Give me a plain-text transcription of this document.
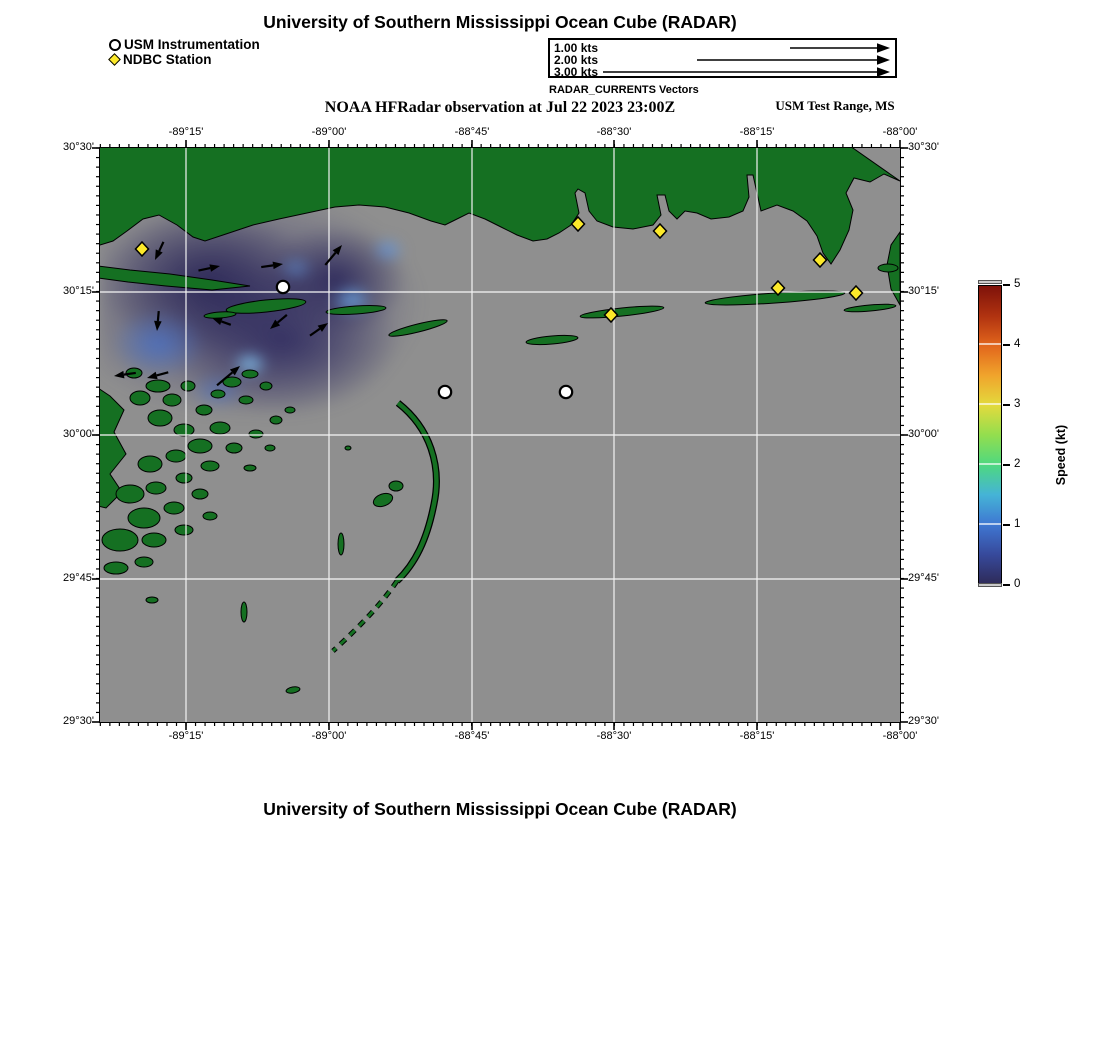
University of Southern Mississippi Ocean Cube (RADAR)
USM Instrumentation
NDBC Station
1.00 kts
2.00 kts
3.00 kts
RADAR_CURRENTS Vectors
NOAA HFRadar observation at Jul 22 2023 23:00Z	USM Test Range, MS
Speed (kt)
University of Southern Mississippi Ocean Cube (RADAR)
-89°15'
-89°15'
-89°00'
-89°00'
-88°45'
-88°45'
-88°30'
-88°30'
-88°15'
-88°15'
-88°00'
-88°00'
30°30'	30°30'
30°15'	30°15'
30°00'	30°00'
29°45'	29°45'
29°30'	29°30'
0
1
2
3
4
5
